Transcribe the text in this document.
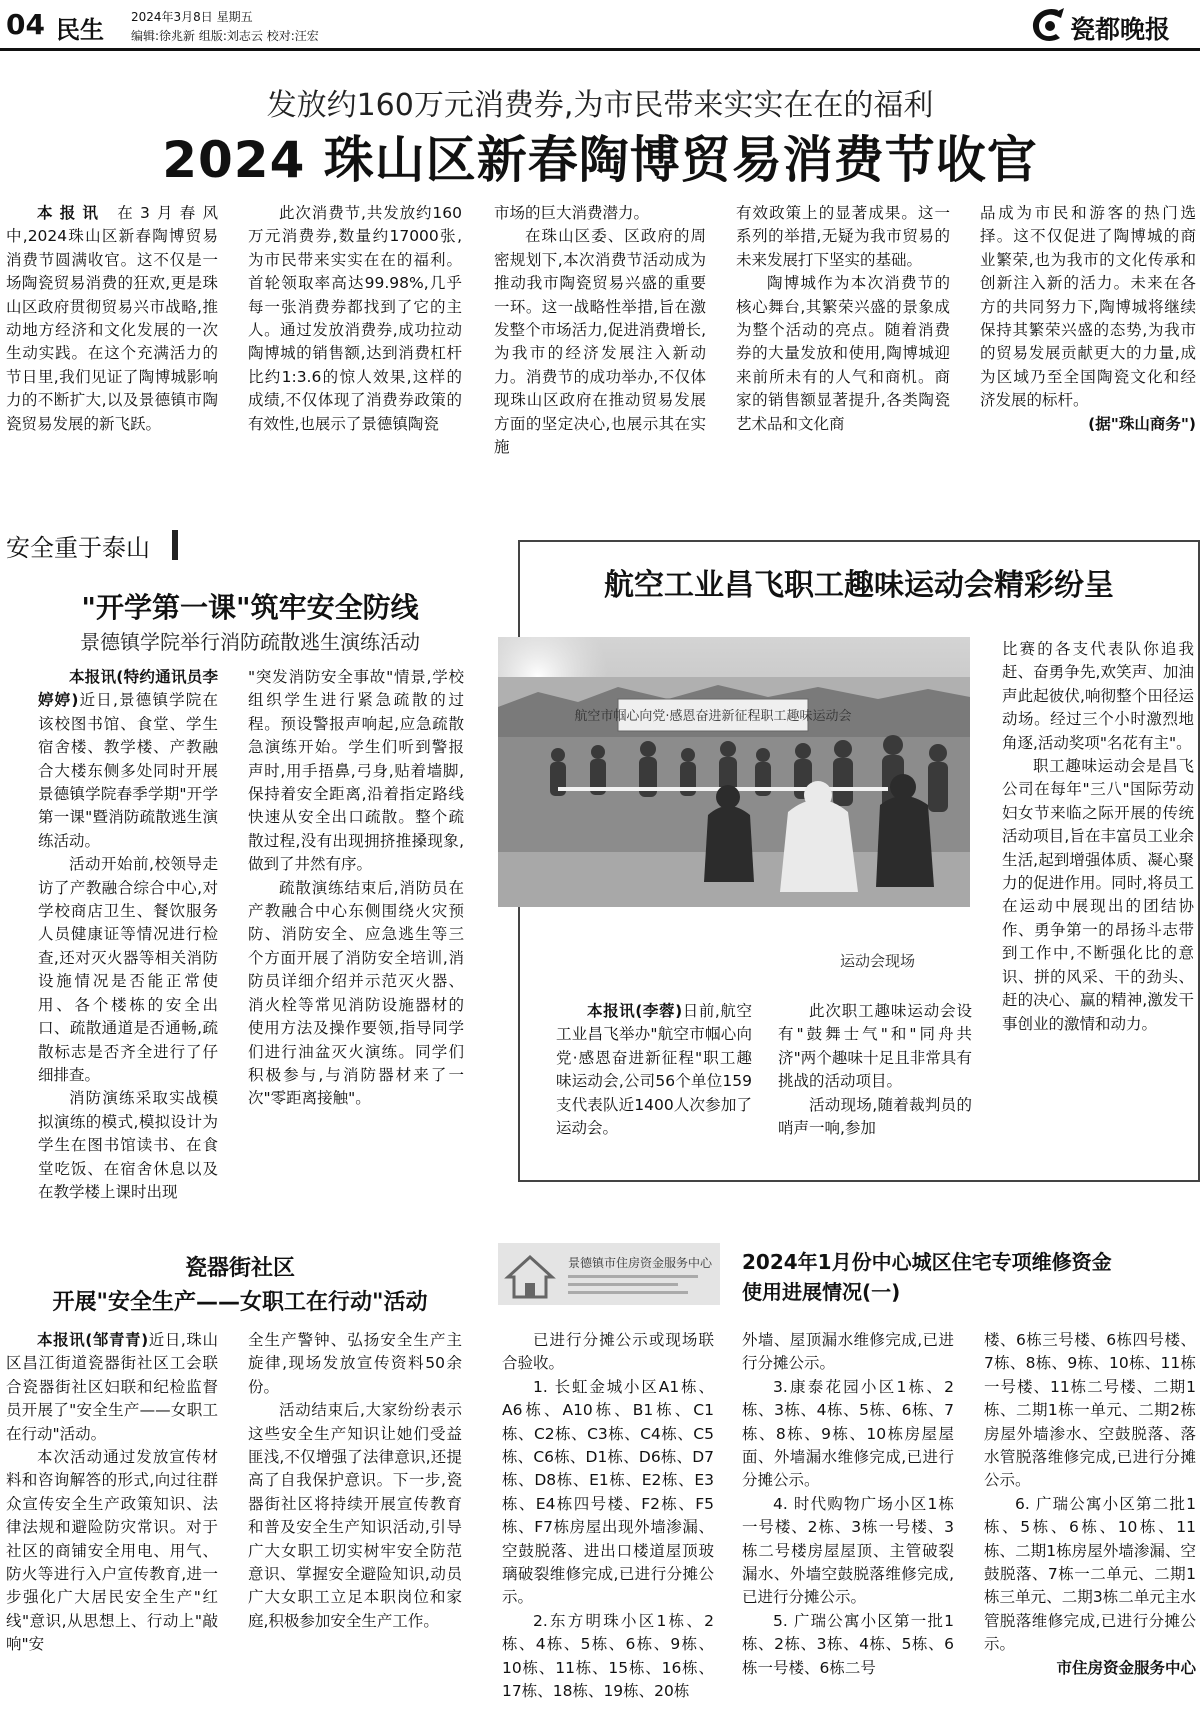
04 民生 2024年3月8日 星期五
编辑:徐兆新 组版:刘志云 校对:汪宏	瓷都晚报
发放约160万元消费券,为市民带来实实在在的福利
2024 珠山区新春陶博贸易消费节收官

本报讯 在3月春风中,2024珠山区新春陶博贸易消费节圆满收官。这不仅是一场陶瓷贸易消费的狂欢,更是珠山区政府贯彻贸易兴市战略,推动地方经济和文化发展的一次生动实践。在这个充满活力的节日里,我们见证了陶博城影响力的不断扩大,以及景德镇市陶瓷贸易发展的新飞跃。

此次消费节,共发放约160万元消费券,数量约17000张,为市民带来实实在在的福利。首轮领取率高达99.98%,几乎每一张消费券都找到了它的主人。通过发放消费券,成功拉动陶博城的销售额,达到消费杠杆比约1:3.6的惊人效果,这样的成绩,不仅体现了消费券政策的有效性,也展示了景德镇陶瓷

市场的巨大消费潜力。

在珠山区委、区政府的周密规划下,本次消费节活动成为推动我市陶瓷贸易兴盛的重要一环。这一战略性举措,旨在激发整个市场活力,促进消费增长,为我市的经济发展注入新动力。消费节的成功举办,不仅体现珠山区政府在推动贸易发展方面的坚定决心,也展示其在实施

有效政策上的显著成果。这一系列的举措,无疑为我市贸易的未来发展打下坚实的基础。

陶博城作为本次消费节的核心舞台,其繁荣兴盛的景象成为整个活动的亮点。随着消费券的大量发放和使用,陶博城迎来前所未有的人气和商机。商家的销售额显著提升,各类陶瓷艺术品和文化商

品成为市民和游客的热门选择。这不仅促进了陶博城的商业繁荣,也为我市的文化传承和创新注入新的活力。未来在各方的共同努力下,陶博城将继续保持其繁荣兴盛的态势,为我市的贸易发展贡献更大的力量,成为区域乃至全国陶瓷文化和经济发展的标杆。

(据"珠山商务")

安全重于泰山
"开学第一课"筑牢安全防线
景德镇学院举行消防疏散逃生演练活动

本报讯(特约通讯员李婷婷)近日,景德镇学院在该校图书馆、食堂、学生宿舍楼、教学楼、产教融合大楼东侧多处同时开展景德镇学院春季学期"开学第一课"暨消防疏散逃生演练活动。

活动开始前,校领导走访了产教融合综合中心,对学校商店卫生、餐饮服务人员健康证等情况进行检查,还对灭火器等相关消防设施情况是否能正常使用、各个楼栋的安全出口、疏散通道是否通畅,疏散标志是否齐全进行了仔细排查。

消防演练采取实战模拟演练的模式,模拟设计为学生在图书馆读书、在食堂吃饭、在宿舍休息以及在教学楼上课时出现

"突发消防安全事故"情景,学校组织学生进行紧急疏散的过程。预设警报声响起,应急疏散急演练开始。学生们听到警报声时,用手捂鼻,弓身,贴着墙脚,保持着安全距离,沿着指定路线快速从安全出口疏散。整个疏散过程,没有出现拥挤推搡现象,做到了井然有序。

疏散演练结束后,消防员在产教融合中心东侧围绕火灾预防、消防安全、应急逃生等三个方面开展了消防安全培训,消防员详细介绍并示范灭火器、消火栓等常见消防设施器材的使用方法及操作要领,指导同学们进行油盆灭火演练。同学们积极参与,与消防器材来了一次"零距离接触"。

航空工业昌飞职工趣味运动会精彩纷呈
航空市帼心向党·感恩奋进新征程职工趣味运动会
运动会现场

本报讯(李蓉)日前,航空工业昌飞举办"航空市帼心向党·感恩奋进新征程"职工趣味运动会,公司56个单位159支代表队近1400人次参加了运动会。

此次职工趣味运动会设有"鼓舞士气"和"同舟共济"两个趣味十足且非常具有挑战的活动项目。

活动现场,随着裁判员的哨声一响,参加

比赛的各支代表队你追我赶、奋勇争先,欢笑声、加油声此起彼伏,响彻整个田径运动场。经过三个小时激烈地角逐,活动奖项"名花有主"。

职工趣味运动会是昌飞公司在每年"三八"国际劳动妇女节来临之际开展的传统活动项目,旨在丰富员工业余生活,起到增强体质、凝心聚力的促进作用。同时,将员工在运动中展现出的团结协作、勇争第一的昂扬斗志带到工作中,不断强化比的意识、拼的风采、干的劲头、赶的决心、赢的精神,激发干事创业的激情和动力。

瓷器街社区
开展"安全生产——女职工在行动"活动

本报讯(邹青青)近日,珠山区昌江街道瓷器街社区工会联合瓷器街社区妇联和纪检监督员开展了"安全生产——女职工在行动"活动。

本次活动通过发放宣传材料和咨询解答的形式,向过往群众宣传安全生产政策知识、法律法规和避险防灾常识。对于社区的商铺安全用电、用气、防火等进行入户宣传教育,进一步强化广大居民安全生产"红线"意识,从思想上、行动上"敲响"安

全生产警钟、弘扬安全生产主旋律,现场发放宣传资料50余份。

活动结束后,大家纷纷表示这些安全生产知识让她们受益匪浅,不仅增强了法律意识,还提高了自我保护意识。下一步,瓷器街社区将持续开展宣传教育和普及安全生产知识活动,引导广大女职工切实树牢安全防范意识、掌握安全避险知识,动员广大女职工立足本职岗位和家庭,积极参加安全生产工作。

景德镇市住房资金服务中心 2024年1月份中心城区住宅专项维修资金
使用进展情况(一)

已进行分摊公示或现场联合验收。

1. 长虹金城小区A1栋、A6栋、A10栋、B1栋、C1栋、C2栋、C3栋、C4栋、C5栋、C6栋、D1栋、D6栋、D7栋、D8栋、E1栋、E2栋、E3栋、E4栋四号楼、F2栋、F5栋、F7栋房屋出现外墙渗漏、空鼓脱落、进出口楼道屋顶玻璃破裂维修完成,已进行分摊公示。

2.东方明珠小区1栋、2栋、4栋、5栋、6栋、9栋、10栋、11栋、15栋、16栋、17栋、18栋、19栋、20栋

外墙、屋顶漏水维修完成,已进行分摊公示。

3.康泰花园小区1栋、2栋、3栋、4栋、5栋、6栋、7栋、8栋、9栋、10栋房屋屋面、外墙漏水维修完成,已进行分摊公示。

4. 时代购物广场小区1栋一号楼、2栋、3栋一号楼、3栋二号楼房屋屋顶、主管破裂漏水、外墙空鼓脱落维修完成,已进行分摊公示。

5. 广瑞公寓小区第一批1栋、2栋、3栋、4栋、5栋、6栋一号楼、6栋二号

楼、6栋三号楼、6栋四号楼、7栋、8栋、9栋、10栋、11栋一号楼、11栋二号楼、二期1栋、二期1栋一单元、二期2栋房屋外墙渗水、空鼓脱落、落水管脱落维修完成,已进行分摊公示。

6. 广瑞公寓小区第二批1栋、5栋、6栋、10栋、11栋、二期1栋房屋外墙渗漏、空鼓脱落、7栋一二单元、二期1栋三单元、二期3栋二单元主水管脱落维修完成,已进行分摊公示。

市住房资金服务中心
